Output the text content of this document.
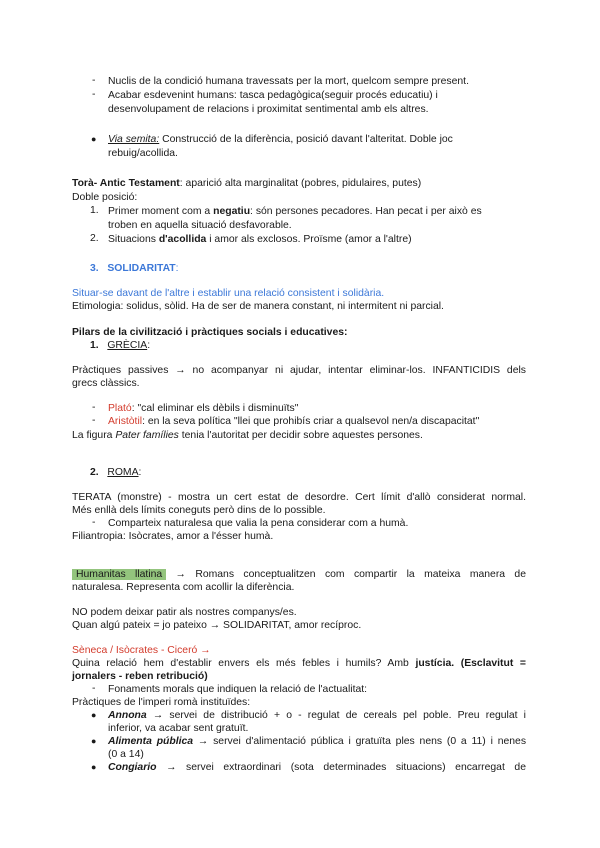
- Nuclis de la condició humana travessats per la mort, quelcom sempre present.
- Acabar esdevenint humans: tasca pedagògica(seguir procés educatiu) i
desenvolupament de relacions i proximitat sentimental amb els altres.
● Via semita: Construcció de la diferència, posició davant l'alteritat. Doble joc
rebuig/acollida.
Torà- Antic Testament: aparició alta marginalitat (pobres, pidulaires, putes)
Doble posició:
1. Primer moment com a negatiu: són persones pecadores. Han pecat i per això es
troben en aquella situació desfavorable.
2. Situacions d'acollida i amor als exclosos. Proïsme (amor a l'altre)
3. SOLIDARITAT:
Situar-se davant de l'altre i establir una relació consistent i solidària.
Etimologia: solidus, sòlid. Ha de ser de manera constant, ni intermitent ni parcial.
Pilars de la civilització i pràctiques socials i educatives:
1. GRÈCIA:
Pràctiques passives → no acompanyar ni ajudar, intentar eliminar-los. INFANTICIDIS dels
grecs clàssics.
- Plató: "cal eliminar els dèbils i disminuïts"
- Aristòtil: en la seva política "llei que prohibís criar a qualsevol nen/a discapacitat"
La figura Pater famílies tenia l'autoritat per decidir sobre aquestes persones.
2. ROMA:
TERATA (monstre) - mostra un cert estat de desordre. Cert límit d'allò considerat normal.
Més enllà dels límits coneguts però dins de lo possible.
- Comparteix naturalesa que valia la pena considerar com a humà.
Filiantropia: Isòcrates, amor a l'ésser humà.
Humanitas llatina → Romans conceptualitzen com compartir la mateixa manera de
naturalesa. Representa com acollir la diferència.
NO podem deixar patir als nostres companys/es.
Quan algú pateix = jo pateixo → SOLIDARITAT, amor recíproc.
Sèneca / Isòcrates - Ciceró →
Quina relació hem d'establir envers els més febles i humils? Amb justícia. (Esclavitut =
jornalers - reben retribució)
- Fonaments morals que indiquen la relació de l'actualitat:
Pràctiques de l'imperi romà instituïdes:
● Annona → servei de distribució + o - regulat de cereals pel poble. Preu regulat i
inferior, va acabar sent gratuït.
● Alimenta pública → servei d'alimentació pública i gratuïta ples nens (0 a 11) i nenes
(0 a 14)
● Congiario → servei extraordinari (sota determinades situacions) encarregat de
